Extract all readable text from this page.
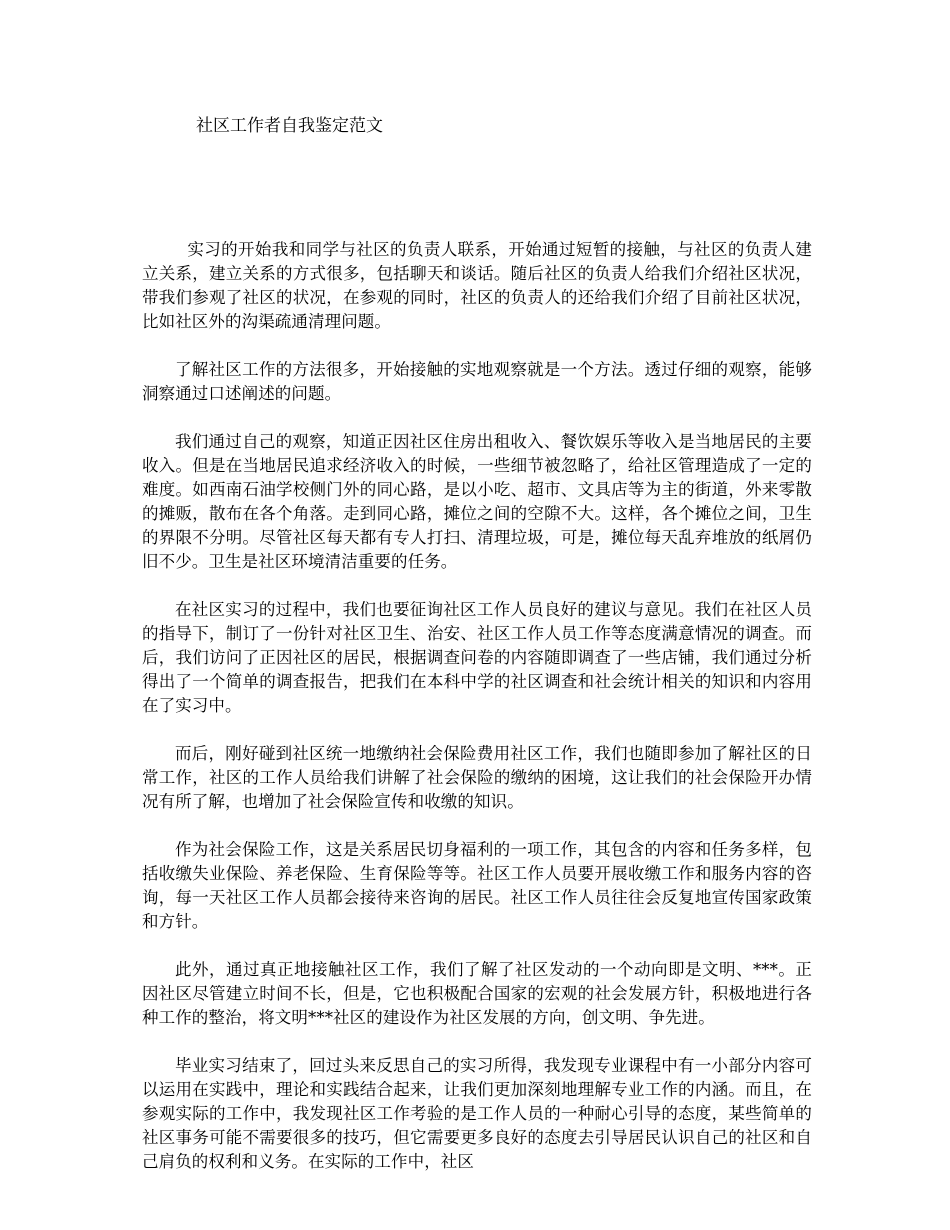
社区工作者自我鉴定范文

实习的开始我和同学与社区的负责人联系，开始通过短暂的接触，与社区的负责人建立关系，建立关系的方式很多，包括聊天和谈话。随后社区的负责人给我们介绍社区状况，带我们参观了社区的状况，在参观的同时，社区的负责人的还给我们介绍了目前社区状况，比如社区外的沟渠疏通清理问题。

了解社区工作的方法很多，开始接触的实地观察就是一个方法。透过仔细的观察，能够洞察通过口述阐述的问题。

我们通过自己的观察，知道正因社区住房出租收入、餐饮娱乐等收入是当地居民的主要收入。但是在当地居民追求经济收入的时候，一些细节被忽略了，给社区管理造成了一定的难度。如西南石油学校侧门外的同心路，是以小吃、超市、文具店等为主的街道，外来零散的摊贩，散布在各个角落。走到同心路，摊位之间的空隙不大。这样，各个摊位之间，卫生的界限不分明。尽管社区每天都有专人打扫、清理垃圾，可是，摊位每天乱弃堆放的纸屑仍旧不少。卫生是社区环境清洁重要的任务。

在社区实习的过程中，我们也要征询社区工作人员良好的建议与意见。我们在社区人员的指导下，制订了一份针对社区卫生、治安、社区工作人员工作等态度满意情况的调查。而后，我们访问了正因社区的居民，根据调查问卷的内容随即调查了一些店铺，我们通过分析得出了一个简单的调查报告，把我们在本科中学的社区调查和社会统计相关的知识和内容用在了实习中。

而后，刚好碰到社区统一地缴纳社会保险费用社区工作，我们也随即参加了解社区的日常工作，社区的工作人员给我们讲解了社会保险的缴纳的困境，这让我们的社会保险开办情况有所了解，也增加了社会保险宣传和收缴的知识。

作为社会保险工作，这是关系居民切身福利的一项工作，其包含的内容和任务多样，包括收缴失业保险、养老保险、生育保险等等。社区工作人员要开展收缴工作和服务内容的咨询，每一天社区工作人员都会接待来咨询的居民。社区工作人员往往会反复地宣传国家政策和方针。

此外，通过真正地接触社区工作，我们了解了社区发动的一个动向即是文明、***。正因社区尽管建立时间不长，但是，它也积极配合国家的宏观的社会发展方针，积极地进行各种工作的整治，将文明***社区的建设作为社区发展的方向，创文明、争先进。

毕业实习结束了，回过头来反思自己的实习所得，我发现专业课程中有一小部分内容可以运用在实践中，理论和实践结合起来，让我们更加深刻地理解专业工作的内涵。而且，在参观实际的工作中，我发现社区工作考验的是工作人员的一种耐心引导的态度，某些简单的社区事务可能不需要很多的技巧，但它需要更多良好的态度去引导居民认识自己的社区和自己肩负的权利和义务。在实际的工作中，社区
